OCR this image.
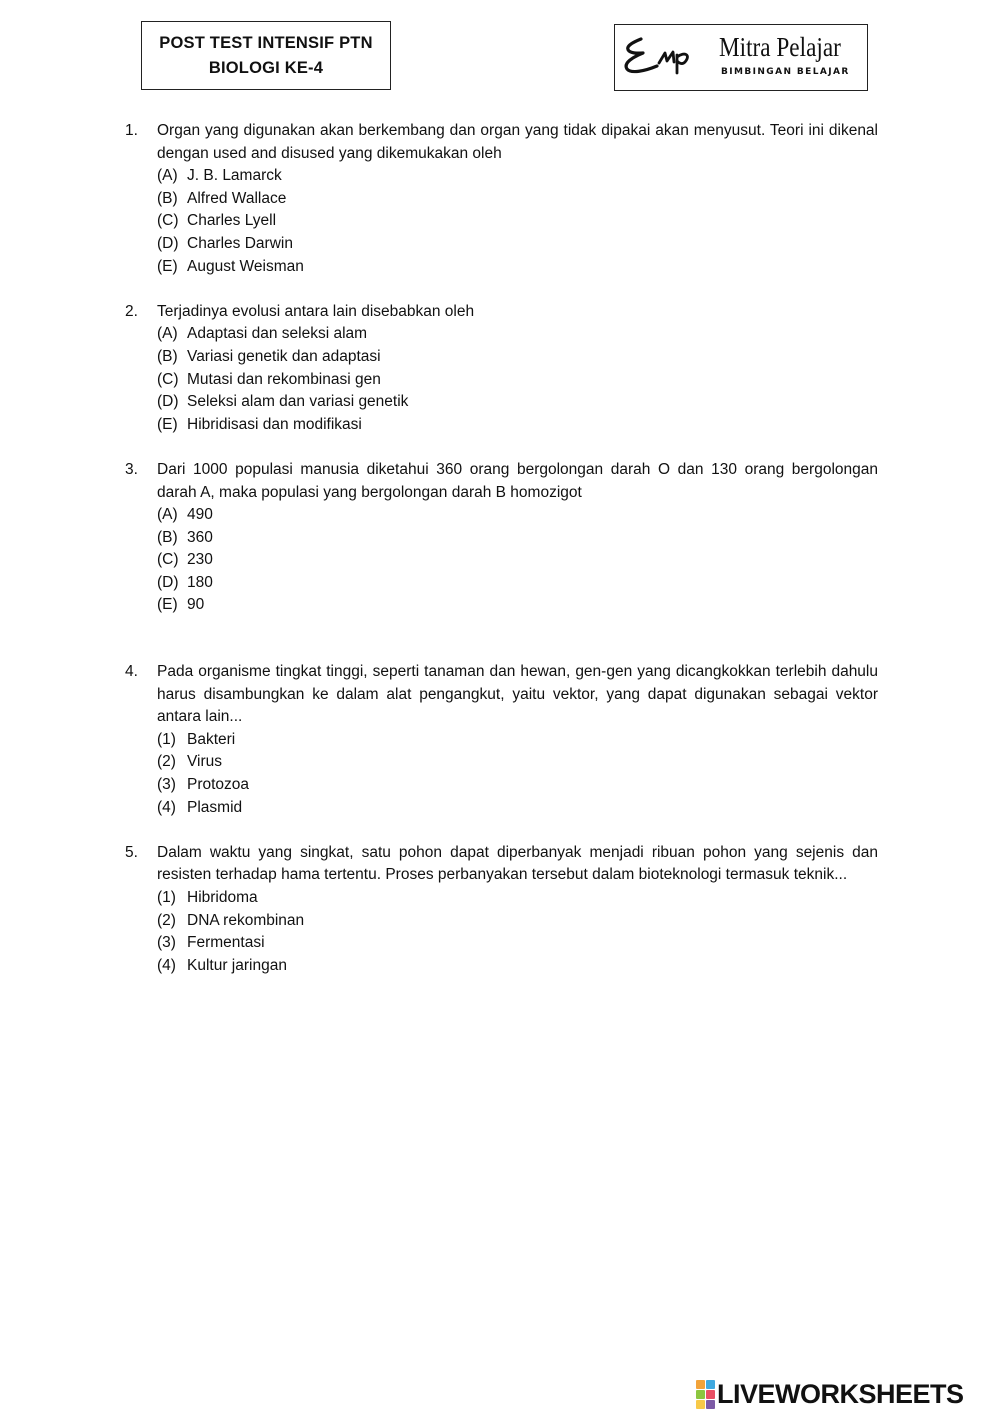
POST TEST INTENSIF PTN
BIOLOGI KE-4
Mitra Pelajar
BIMBINGAN BELAJAR
1. Organ yang digunakan akan berkembang dan organ yang tidak dipakai akan menyusut. Teori ini dikenal dengan used and disused yang dikemukakan oleh
(A) J. B. Lamarck
(B) Alfred Wallace
(C) Charles Lyell
(D) Charles Darwin
(E) August Weisman
2. Terjadinya evolusi antara lain disebabkan oleh
(A) Adaptasi dan seleksi alam
(B) Variasi genetik dan adaptasi
(C) Mutasi dan rekombinasi gen
(D) Seleksi alam dan variasi genetik
(E) Hibridisasi dan modifikasi
3. Dari 1000 populasi manusia diketahui 360 orang bergolongan darah O dan 130 orang bergolongan darah A, maka populasi yang bergolongan darah B homozigot
(A) 490
(B) 360
(C) 230
(D) 180
(E) 90
4. Pada organisme tingkat tinggi, seperti tanaman dan hewan, gen-gen yang dicangkokkan terlebih dahulu harus disambungkan ke dalam alat pengangkut, yaitu vektor, yang dapat digunakan sebagai vektor antara lain...
(1) Bakteri
(2) Virus
(3) Protozoa
(4) Plasmid
5. Dalam waktu yang singkat, satu pohon dapat diperbanyak menjadi ribuan pohon yang sejenis dan resisten terhadap hama tertentu. Proses perbanyakan tersebut dalam bioteknologi termasuk teknik...
(1) Hibridoma
(2) DNA rekombinan
(3) Fermentasi
(4) Kultur jaringan
LIVEWORKSHEETS
